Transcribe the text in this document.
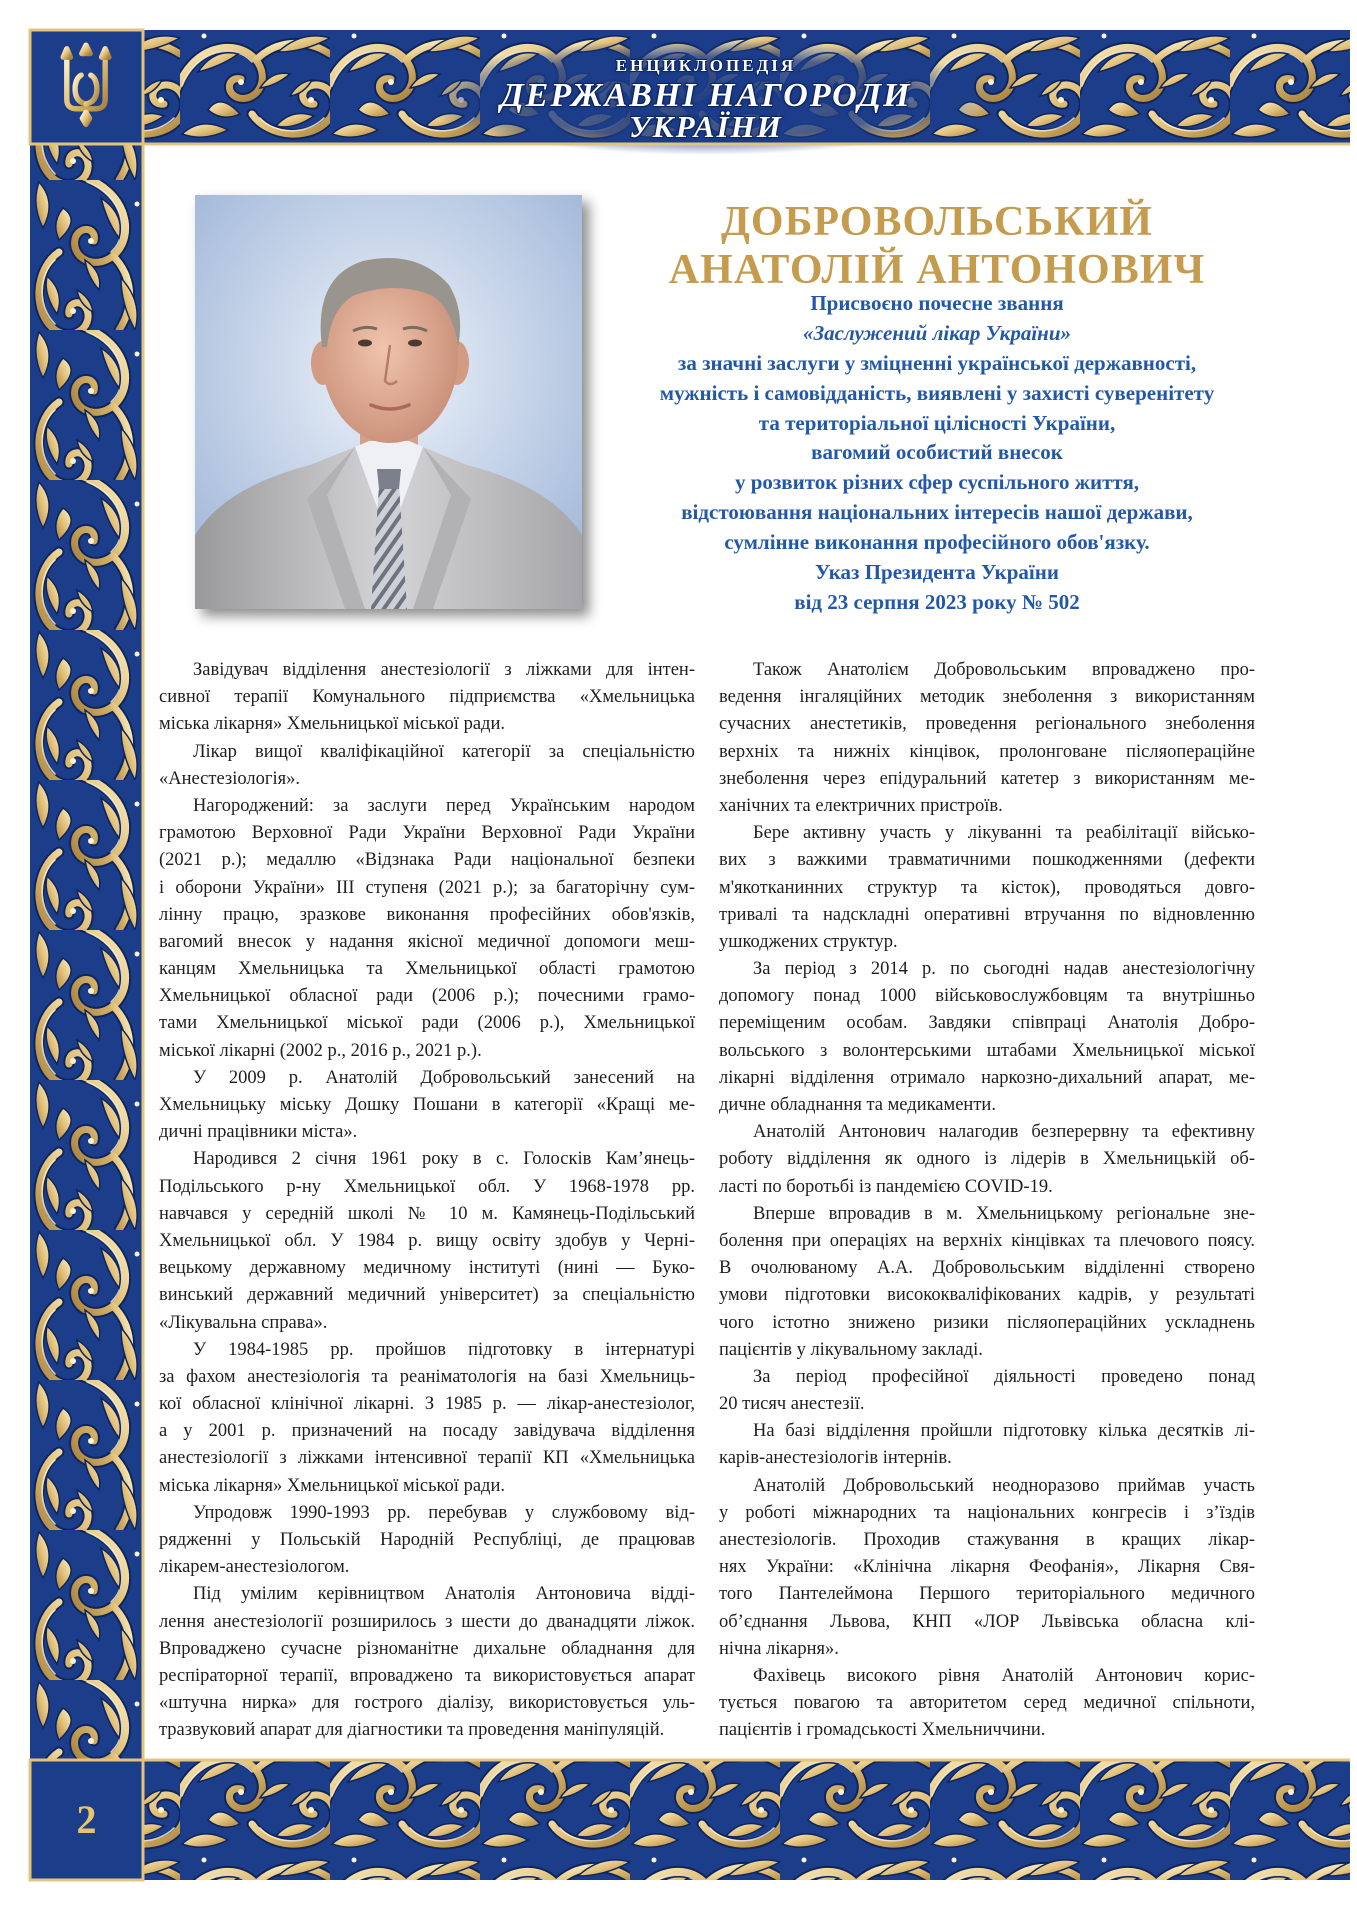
ЕНЦИКЛОПЕДІЯ
ДЕРЖАВНІ НАГОРОДИ
УКРАЇНИ
2
ДОБРОВОЛЬСЬКИЙ
АНАТОЛІЙ АНТОНОВИЧ
Присвоєно почесне звання
«Заслужений лікар України»
за значні заслуги у зміцненні української державності,
мужність і самовідданість, виявлені у захисті суверенітету
та територіальної цілісності України,
вагомий особистий внесок
у розвиток різних сфер суспільного життя,
відстоювання національних інтересів нашої держави,
сумлінне виконання професійного обов'язку.
Указ Президента України
від 23 серпня 2023 року № 502
Завідувач відділення анестезіології з ліжками для інтен-
сивної терапії Комунального підприємства «Хмельницька
міська лікарня» Хмельницької міської ради.
Лікар вищої кваліфікаційної категорії за спеціальністю
«Анестезіологія».
Нагороджений: за заслуги перед Українським народом
грамотою Верховної Ради України Верховної Ради України
(2021 р.); медаллю «Відзнака Ради національної безпеки
і оборони України» III ступеня (2021 р.); за багаторічну сум-
лінну працю, зразкове виконання професійних обов'язків,
вагомий внесок у надання якісної медичної допомоги меш-
канцям Хмельницька та Хмельницької області грамотою
Хмельницької обласної ради (2006 р.); почесними грамо-
тами Хмельницької міської ради (2006 р.), Хмельницької
міської лікарні (2002 р., 2016 р., 2021 р.).
У 2009 р. Анатолій Добровольський занесений на
Хмельницьку міську Дошку Пошани в категорії «Кращі ме-
дичні працівники міста».
Народився 2 січня 1961 року в с. Голосків Кам’янець-
Подільського р-ну Хмельницької обл. У 1968-1978 рр.
навчався у середній школі № 10 м. Камянець-Подільський
Хмельницької обл. У 1984 р. вищу освіту здобув у Черні-
вецькому державному медичному інституті (нині — Буко-
винський державний медичний університет) за спеціальністю
«Лікувальна справа».
У 1984-1985 рр. пройшов підготовку в інтернатурі
за фахом анестезіологія та реаніматологія на базі Хмельниць-
кої обласної клінічної лікарні. З 1985 р. — лікар-анестезіолог,
а у 2001 р. призначений на посаду завідувача відділення
анестезіології з ліжками інтенсивної терапії КП «Хмельницька
міська лікарня» Хмельницької міської ради.
Упродовж 1990-1993 рр. перебував у службовому від-
рядженні у Польській Народній Республіці, де працював
лікарем-анестезіологом.
Під умілим керівництвом Анатолія Антоновича відді-
лення анестезіології розширилось з шести до дванадцяти ліжок.
Впроваджено сучасне різноманітне дихальне обладнання для
респіраторної терапії, впроваджено та використовується апарат
«штучна нирка» для гострого діалізу, використовується уль-
тразвуковий апарат для діагностики та проведення маніпуляцій.
Також Анатолієм Добровольським впроваджено про-
ведення інгаляційних методик знеболення з використанням
сучасних анестетиків, проведення регіонального знеболення
верхніх та нижніх кінцівок, пролонговане післяопераційне
знеболення через епідуральний катетер з використанням ме-
ханічних та електричних пристроїв.
Бере активну участь у лікуванні та реабілітації військо-
вих з важкими травматичними пошкодженнями (дефекти
м'якотканинних структур та кісток), проводяться довго-
тривалі та надскладні оперативні втручання по відновленню
ушкоджених структур.
За період з 2014 р. по сьогодні надав анестезіологічну
допомогу понад 1000 військовослужбовцям та внутрішньо
переміщеним особам. Завдяки співпраці Анатолія Добро-
вольського з волонтерськими штабами Хмельницької міської
лікарні відділення отримало наркозно-дихальний апарат, ме-
дичне обладнання та медикаменти.
Анатолій Антонович налагодив безперервну та ефективну
роботу відділення як одного із лідерів в Хмельницькій об-
ласті по боротьбі із пандемією COVID-19.
Вперше впровадив в м. Хмельницькому регіональне зне-
болення при операціях на верхніх кінцівках та плечового поясу.
В очолюваному А.А. Добровольським відділенні створено
умови підготовки висококваліфікованих кадрів, у результаті
чого істотно знижено ризики післяопераційних ускладнень
пацієнтів у лікувальному закладі.
За період професійної діяльності проведено понад
20 тисяч анестезії.
На базі відділення пройшли підготовку кілька десятків лі-
карів-анестезіологів інтернів.
Анатолій Добровольський неодноразово приймав участь
у роботі міжнародних та національних конгресів і з’їздів
анестезіологів. Проходив стажування в кращих лікар-
нях України: «Клінічна лікарня Феофанія», Лікарня Свя-
того Пантелеймона Першого територіального медичного
об’єднання Львова, КНП «ЛОР Львівська обласна клі-
нічна лікарня».
Фахівець високого рівня Анатолій Антонович корис-
тується повагою та авторитетом серед медичної спільноти,
пацієнтів і громадськості Хмельниччини.
